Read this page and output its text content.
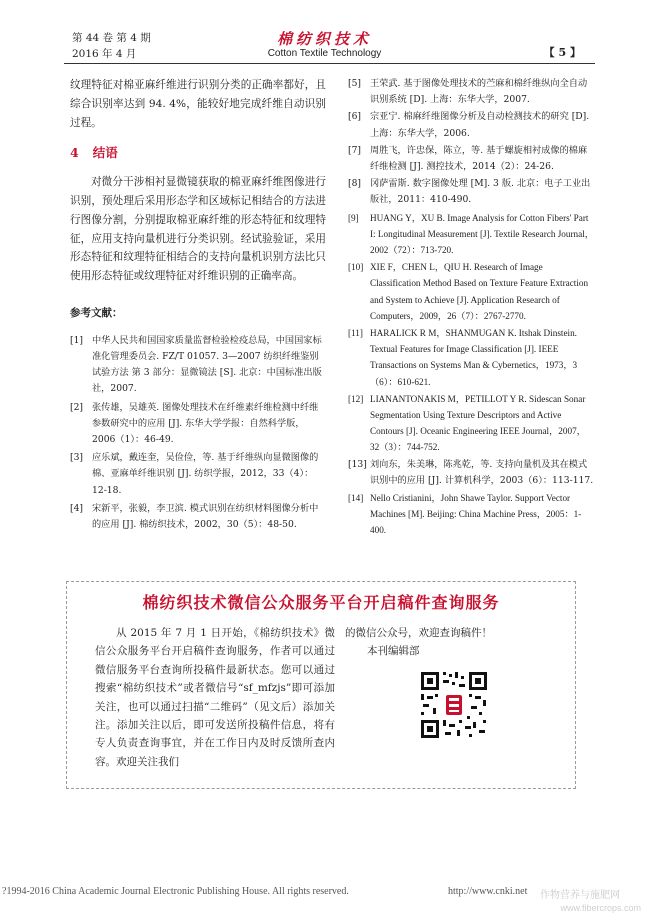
第 44 卷 第 4 期
2016 年 4 月
棉纺织技术
Cotton Textile Technology	【 5 】

纹理特征对棉亚麻纤维进行识别分类的正确率都好，且综合识别率达到 94. 4%，能较好地完成纤维自动识别过程。

4 结语

对微分干涉相衬显微镜获取的棉亚麻纤维图像进行识别，预处理后采用形态学和区域标记相结合的方法进行图像分割，分别提取棉亚麻纤维的形态特征和纹理特征，应用支持向量机进行分类识别。经试验验证，采用形态特征和纹理特征相结合的支持向量机识别方法比只使用形态特征或纹理特征对纤维识别的正确率高。

参考文献：
[1] 中华人民共和国国家质量监督检验检疫总局，中国国家标准化管理委员会. FZ/T 01057. 3—2007 纺织纤维鉴别试验方法 第 3 部分：显微镜法 [S]. 北京：中国标准出版社，2007.
[2] 张传雄，吴雄英. 图像处理技术在纤维素纤维检测中纤维参数研究中的应用 [J]. 东华大学学报：自然科学版，2006（1）：46-49.
[3] 应乐斌，戴连奎，吴俭俭，等. 基于纤维纵向显微图像的棉、亚麻单纤维识别 [J]. 纺织学报，2012，33（4）：12-18.
[4] 宋新平，张毅，李卫滨. 模式识别在纺织材料图像分析中的应用 [J]. 棉纺织技术，2002，30（5）：48-50.
[5] 王荣武. 基于图像处理技术的苎麻和棉纤维纵向全自动识别系统 [D]. 上海：东华大学，2007.
[6] 宗亚宁. 棉麻纤维图像分析及自动检测技术的研究 [D]. 上海：东华大学，2006.
[7] 周胜飞，许忠保，陈立，等. 基于螺旋相衬成像的棉麻纤维检测 [J]. 测控技术，2014（2）：24-26.
[8] 冈萨雷斯. 数字图像处理 [M]. 3 版. 北京：电子工业出版社，2011：410-490.
[9] HUANG Y，XU B. Image Analysis for Cotton Fibers' Part I: Longitudinal Measurement [J]. Textile Research Journal，2002（72）：713-720.
[10] XIE F，CHEN L，QIU H. Research of Image Classification Method Based on Texture Feature Extraction and System to Achieve [J]. Application Research of Computers，2009，26（7）：2767-2770.
[11] HARALICK R M，SHANMUGAN K. Itshak Dinstein. Textual Features for Image Classification [J]. IEEE Transactions on Systems Man & Cybernetics，1973，3（6）：610-621.
[12] LIANANTONAKIS M，PETILLOT Y R. Sidescan Sonar Segmentation Using Texture Descriptors and Active Contours [J]. Oceanic Engineering IEEE Journal，2007，32（3）：744-752.
[13] 刘向东，朱美琳，陈兆乾，等. 支持向量机及其在模式识别中的应用 [J]. 计算机科学，2003（6）：113-117.
[14] Nello Cristianini，John Shawe Taylor. Support Vector Machines [M]. Beijing: China Machine Press，2005：1-400.
棉纺织技术微信公众服务平台开启稿件查询服务

从 2015 年 7 月 1 日开始，《棉纺织技术》微信公众服务平台开启稿件查询服务，作者可以通过微信服务平台查询所投稿件最新状态。您可以通过搜索“棉纺织技术”或者微信号“sf_mfzjs”即可添加关注，也可以通过扫描“二维码”（见文后）添加关注。添加关注以后，即可发送所投稿件信息，将有专人负责查询事宜，并在工作日内及时反馈所查内容。欢迎关注我们

的微信公众号，欢迎查询稿件！
本刊编辑部
?1994-2016 China Academic Journal Electronic Publishing House. All rights reserved.	http://www.cnki.net 作物营养与施肥网
www.fibercrops.com
